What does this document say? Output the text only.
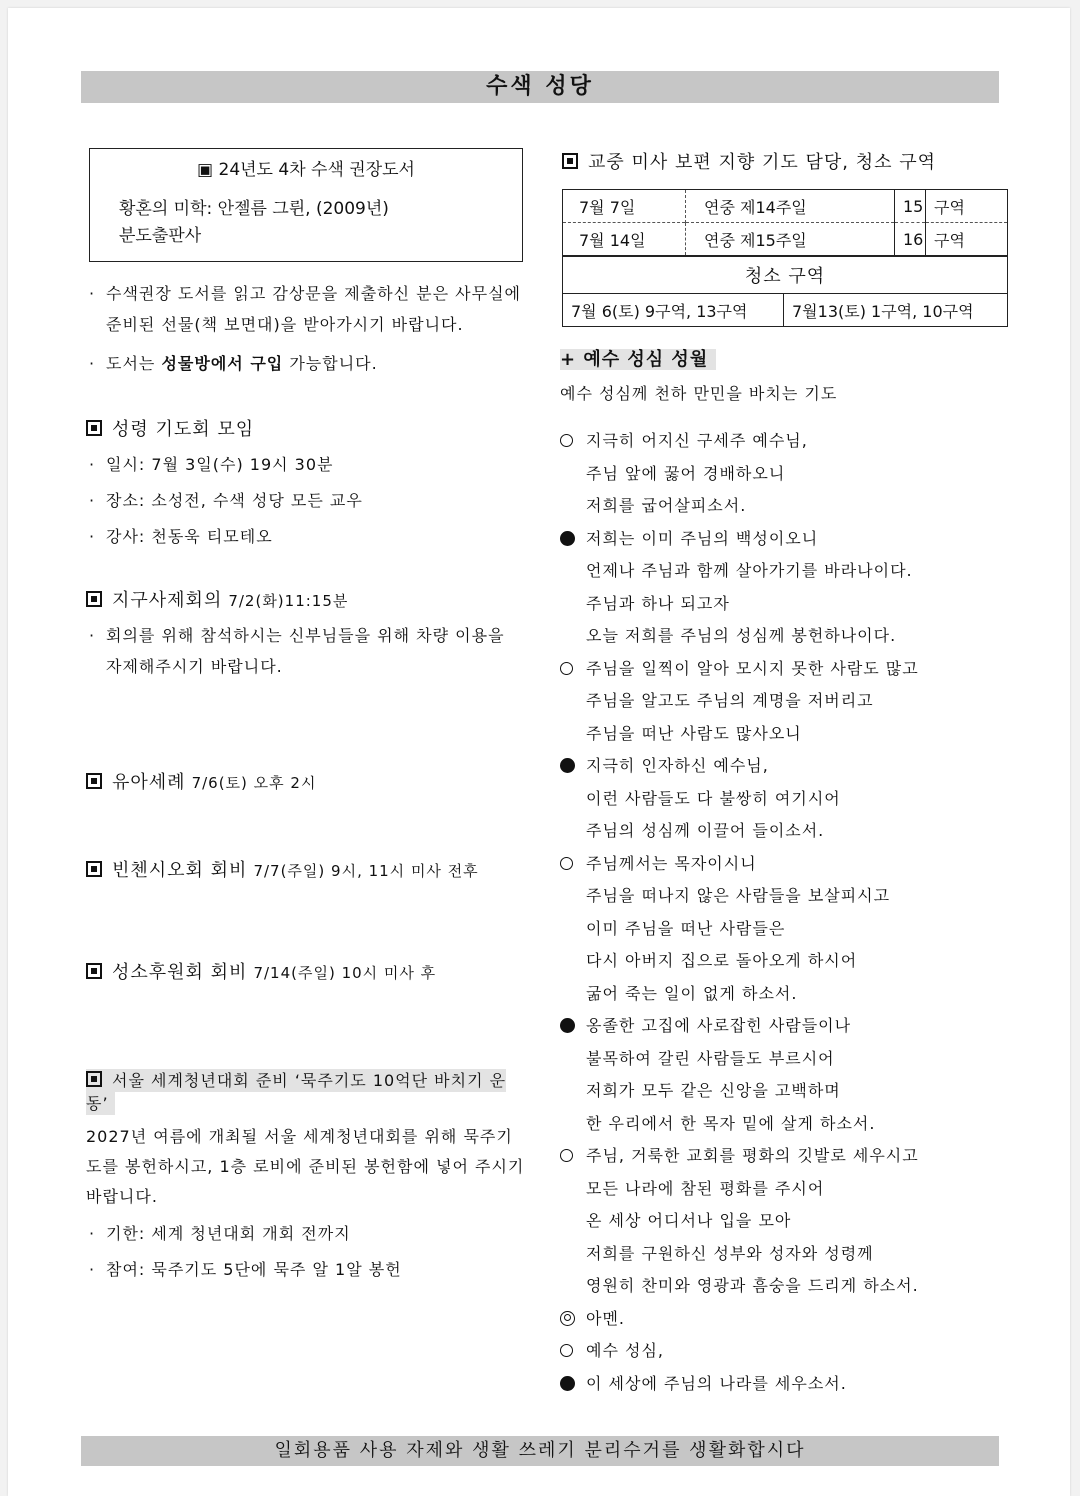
수색 성당
▣ 24년도 4차 수색 권장도서
황혼의 미학: 안젤름 그륀, (2009년)
분도출판사
· 수색권장 도서를 읽고 감상문을 제출하신 분은 사무실에 준비된 선물(책 보면대)을 받아가시기 바랍니다.
· 도서는 성물방에서 구입 가능합니다.
성령 기도회 모임
· 일시: 7월 3일(수) 19시 30분
· 장소: 소성전, 수색 성당 모든 교우
· 강사: 천동욱 티모테오
지구사제회의 7/2(화)11:15분
· 회의를 위해 참석하시는 신부님들을 위해 차량 이용을 자제해주시기 바랍니다.
유아세례 7/6(토) 오후 2시
빈첸시오회 회비 7/7(주일) 9시, 11시 미사 전후
성소후원회 회비 7/14(주일) 10시 미사 후
서울 세계청년대회 준비 ‘묵주기도 10억단 바치기 운동’
2027년 여름에 개최될 서울 세계청년대회를 위해 묵주기도를 봉헌하시고, 1층 로비에 준비된 봉헌함에 넣어 주시기 바랍니다.
· 기한: 세계 청년대회 개회 전까지
· 참여: 묵주기도 5단에 묵주 알 1알 봉헌
교중 미사 보편 지향 기도 담당, 청소 구역
7월 7일	연중 제14주일	15	구역
7월 14일	연중 제15주일	16	구역
청소 구역
7월 6(토) 9구역, 13구역	7월13(토) 1구역, 10구역
+ 예수 성심 성월
예수 성심께 천하 만민을 바치는 기도
지극히 어지신 구세주 예수님,
주님 앞에 꿇어 경배하오니
저희를 굽어살피소서.
저희는 이미 주님의 백성이오니
언제나 주님과 함께 살아가기를 바라나이다.
주님과 하나 되고자
오늘 저희를 주님의 성심께 봉헌하나이다.
주님을 일찍이 알아 모시지 못한 사람도 많고
주님을 알고도 주님의 계명을 저버리고
주님을 떠난 사람도 많사오니
지극히 인자하신 예수님,
이런 사람들도 다 불쌍히 여기시어
주님의 성심께 이끌어 들이소서.
주님께서는 목자이시니
주님을 떠나지 않은 사람들을 보살피시고
이미 주님을 떠난 사람들은
다시 아버지 집으로 돌아오게 하시어
굶어 죽는 일이 없게 하소서.
옹졸한 고집에 사로잡힌 사람들이나
불목하여 갈린 사람들도 부르시어
저희가 모두 같은 신앙을 고백하며
한 우리에서 한 목자 밑에 살게 하소서.
주님, 거룩한 교회를 평화의 깃발로 세우시고
모든 나라에 참된 평화를 주시어
온 세상 어디서나 입을 모아
저희를 구원하신 성부와 성자와 성령께
영원히 찬미와 영광과 흠숭을 드리게 하소서.
아멘.
예수 성심,
이 세상에 주님의 나라를 세우소서.
일회용품 사용 자제와 생활 쓰레기 분리수거를 생활화합시다
